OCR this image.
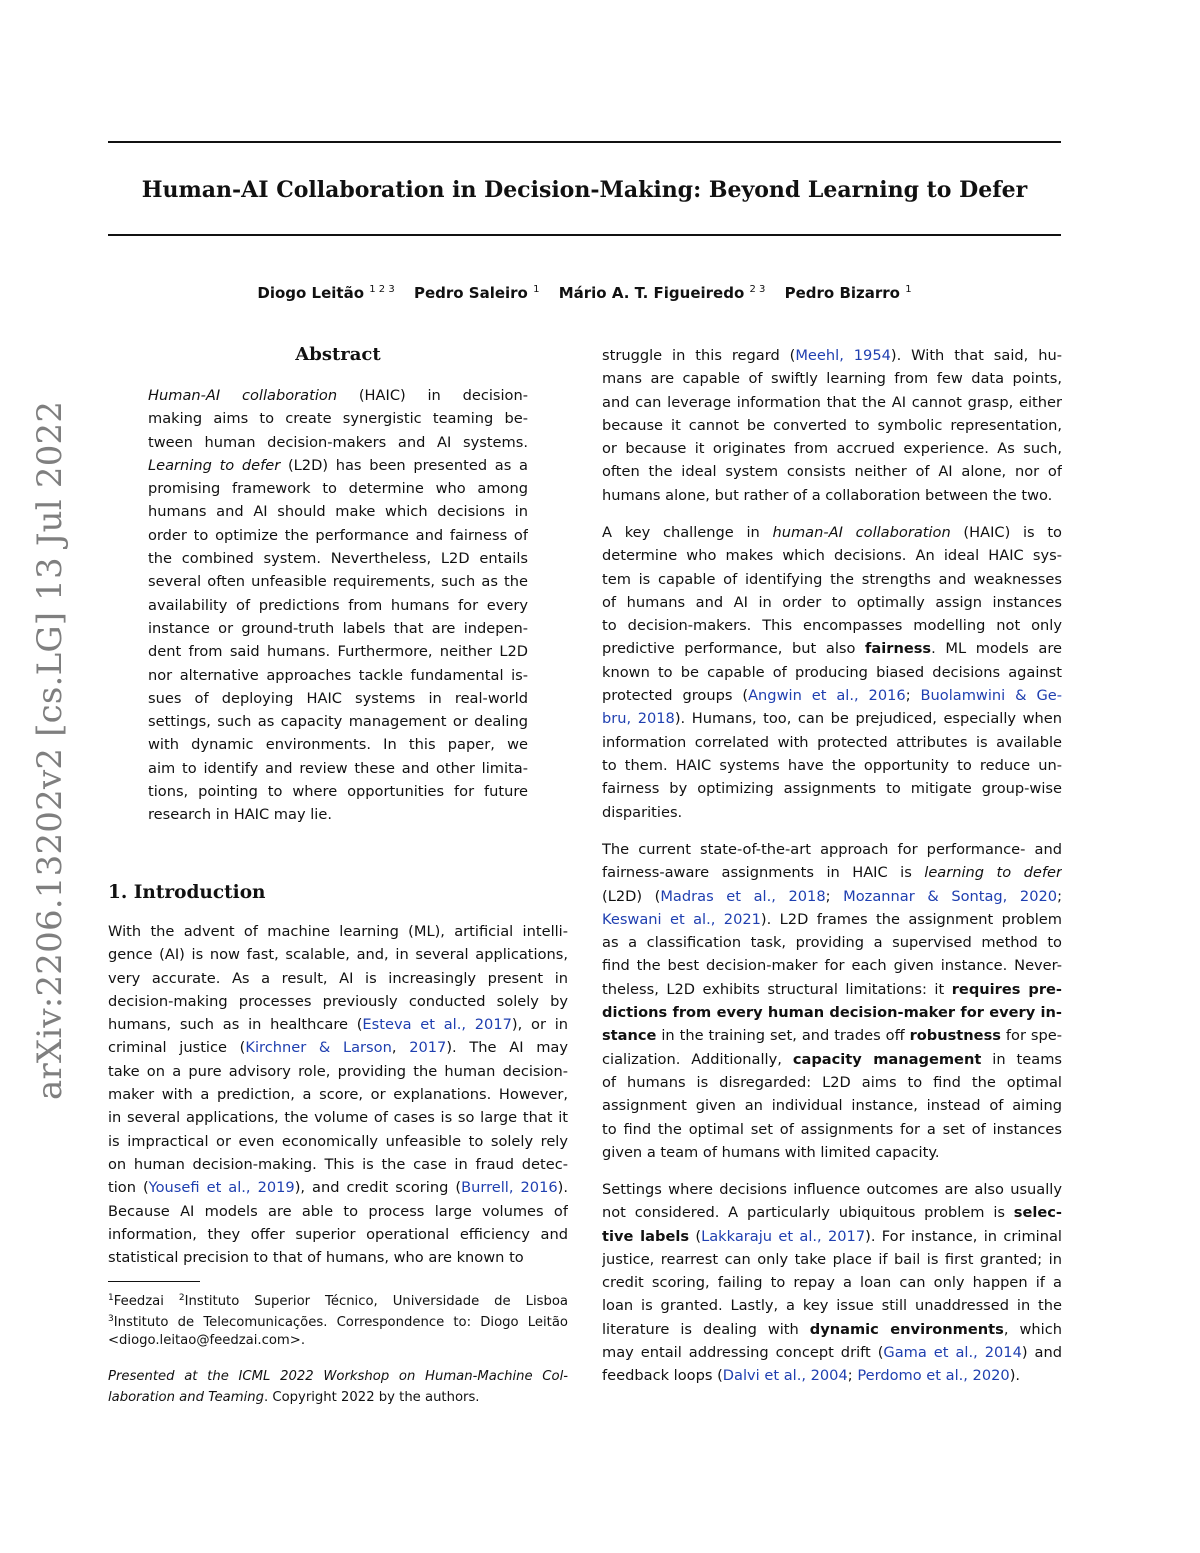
Human-AI Collaboration in Decision-Making: Beyond Learning to Defer
Diogo Leitão $^{1 2 3}$ Pedro Saleiro $^1$ Mário A. T. Figueiredo $^{2 3}$ Pedro Bizarro $^1$
arXiv:2206.13202v2 [cs.LG] 13 Jul 2022
Abstract
Human-AI collaboration (HAIC) in decision-
making aims to create synergistic teaming be-
tween human decision-makers and AI systems.
Learning to defer (L2D) has been presented as a
promising framework to determine who among
humans and AI should make which decisions in
order to optimize the performance and fairness of
the combined system. Nevertheless, L2D entails
several often unfeasible requirements, such as the
availability of predictions from humans for every
instance or ground-truth labels that are indepen-
dent from said humans. Furthermore, neither L2D
nor alternative approaches tackle fundamental is-
sues of deploying HAIC systems in real-world
settings, such as capacity management or dealing
with dynamic environments. In this paper, we
aim to identify and review these and other limita-
tions, pointing to where opportunities for future
research in HAIC may lie.
1. Introduction
With the advent of machine learning (ML), artificial intelli-
gence (AI) is now fast, scalable, and, in several applications,
very accurate. As a result, AI is increasingly present in
decision-making processes previously conducted solely by
humans, such as in healthcare (Esteva et al., 2017), or in
criminal justice (Kirchner & Larson, 2017). The AI may
take on a pure advisory role, providing the human decision-
maker with a prediction, a score, or explanations. However,
in several applications, the volume of cases is so large that it
is impractical or even economically unfeasible to solely rely
on human decision-making. This is the case in fraud detec-
tion (Yousefi et al., 2019), and credit scoring (Burrell, 2016).
Because AI models are able to process large volumes of
information, they offer superior operational efficiency and
statistical precision to that of humans, who are known to
$^1$Feedzai $^2$Instituto Superior Técnico, Universidade de Lisboa
$^3$Instituto de Telecomunicações. Correspondence to: Diogo Leitão
<diogo.leitao@feedzai.com>.
Presented at the ICML 2022 Workshop on Human-Machine Col-
laboration and Teaming. Copyright 2022 by the authors.
struggle in this regard (Meehl, 1954). With that said, hu-
mans are capable of swiftly learning from few data points,
and can leverage information that the AI cannot grasp, either
because it cannot be converted to symbolic representation,
or because it originates from accrued experience. As such,
often the ideal system consists neither of AI alone, nor of
humans alone, but rather of a collaboration between the two.
A key challenge in human-AI collaboration (HAIC) is to
determine who makes which decisions. An ideal HAIC sys-
tem is capable of identifying the strengths and weaknesses
of humans and AI in order to optimally assign instances
to decision-makers. This encompasses modelling not only
predictive performance, but also fairness. ML models are
known to be capable of producing biased decisions against
protected groups (Angwin et al., 2016; Buolamwini & Ge-
bru, 2018). Humans, too, can be prejudiced, especially when
information correlated with protected attributes is available
to them. HAIC systems have the opportunity to reduce un-
fairness by optimizing assignments to mitigate group-wise
disparities.
The current state-of-the-art approach for performance- and
fairness-aware assignments in HAIC is learning to defer
(L2D) (Madras et al., 2018; Mozannar & Sontag, 2020;
Keswani et al., 2021). L2D frames the assignment problem
as a classification task, providing a supervised method to
find the best decision-maker for each given instance. Never-
theless, L2D exhibits structural limitations: it requires pre-
dictions from every human decision-maker for every in-
stance in the training set, and trades off robustness for spe-
cialization. Additionally, capacity management in teams
of humans is disregarded: L2D aims to find the optimal
assignment given an individual instance, instead of aiming
to find the optimal set of assignments for a set of instances
given a team of humans with limited capacity.
Settings where decisions influence outcomes are also usually
not considered. A particularly ubiquitous problem is selec-
tive labels (Lakkaraju et al., 2017). For instance, in criminal
justice, rearrest can only take place if bail is first granted; in
credit scoring, failing to repay a loan can only happen if a
loan is granted. Lastly, a key issue still unaddressed in the
literature is dealing with dynamic environments, which
may entail addressing concept drift (Gama et al., 2014) and
feedback loops (Dalvi et al., 2004; Perdomo et al., 2020).
